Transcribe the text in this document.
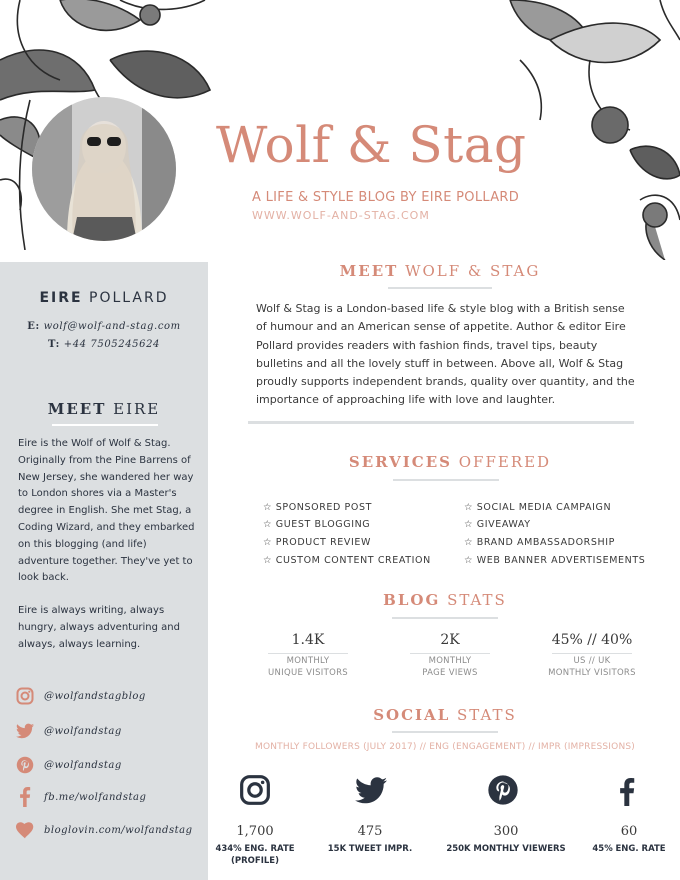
Wolf & Stag
A LIFE & STYLE BLOG BY EIRE POLLARD
WWW.WOLF-AND-STAG.COM
EIRE POLLARD
E: wolf@wolf-and-stag.com
T: +44 7505245624
MEET EIRE

Eire is the Wolf of Wolf & Stag. Originally from the Pine Barrens of New Jersey, she wandered her way to London shores via a Master's degree in English. She met Stag, a Coding Wizard, and they embarked on this blogging (and life) adventure together. They've yet to look back.

Eire is always writing, always hungry, always adventuring and always, always learning.

@wolfandstagblog
@wolfandstag
@wolfandstag
fb.me/wolfandstag
bloglovin.com/wolfandstag
MEET WOLF & STAG
Wolf & Stag is a London-based life & style blog with a British sense of humour and an American sense of appetite. Author & editor Eire Pollard provides readers with fashion finds, travel tips, beauty bulletins and all the lovely stuff in between. Above all, Wolf & Stag proudly supports independent brands, quality over quantity, and the importance of approaching life with love and laughter.
SERVICES OFFERED
☆ SPONSORED POST
☆ GUEST BLOGGING
☆ PRODUCT REVIEW
☆ CUSTOM CONTENT CREATION
☆ SOCIAL MEDIA CAMPAIGN
☆ GIVEAWAY
☆ BRAND AMBASSADORSHIP
☆ WEB BANNER ADVERTISEMENTS
BLOG STATS
1.4K
MONTHLY
UNIQUE VISITORS
2K
MONTHLY
PAGE VIEWS
45% // 40%
US // UK
MONTHLY VISITORS
SOCIAL STATS
MONTHLY FOLLOWERS (JULY 2017) // ENG (ENGAGEMENT) // IMPR (IMPRESSIONS)
1,700
434% ENG. RATE
(PROFILE)
475
15K TWEET IMPR.
300
250K MONTHLY VIEWERS
60
45% ENG. RATE
